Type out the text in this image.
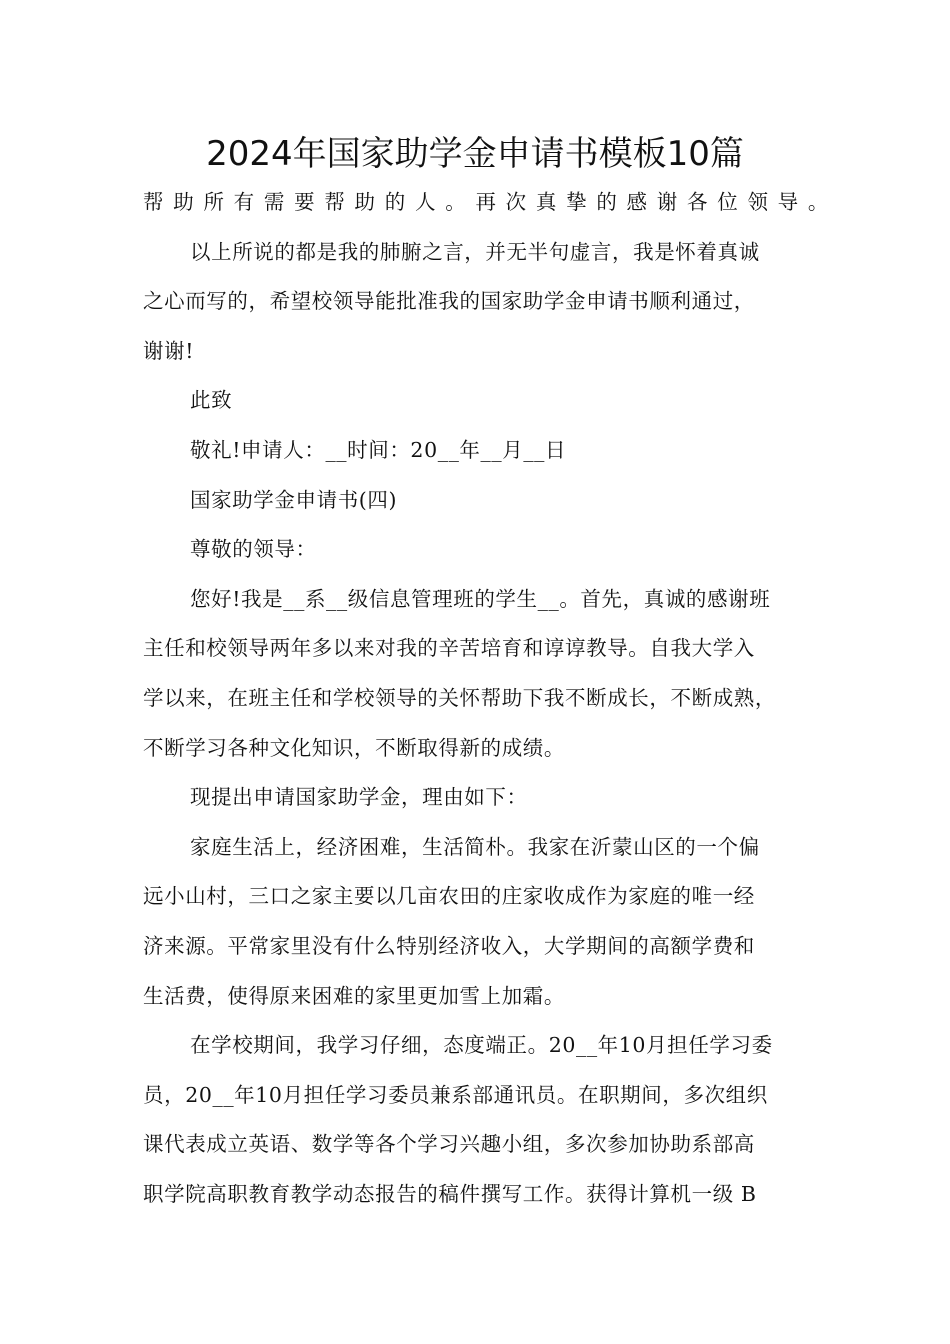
2024年国家助学金申请书模板10篇
帮助所有需要帮助的人。再次真挚的感谢各位领导。
以上所说的都是我的肺腑之言，并无半句虚言，我是怀着真诚
之心而写的，希望校领导能批准我的国家助学金申请书顺利通过，
谢谢!
此致
敬礼!申请人：__时间：20__年__月__日
国家助学金申请书(四)
尊敬的领导：
您好!我是__系__级信息管理班的学生__。首先，真诚的感谢班
主任和校领导两年多以来对我的辛苦培育和谆谆教导。自我大学入
学以来，在班主任和学校领导的关怀帮助下我不断成长，不断成熟，
不断学习各种文化知识，不断取得新的成绩。
现提出申请国家助学金，理由如下：
家庭生活上，经济困难，生活简朴。我家在沂蒙山区的一个偏
远小山村，三口之家主要以几亩农田的庄家收成作为家庭的唯一经
济来源。平常家里没有什么特别经济收入，大学期间的高额学费和
生活费，使得原来困难的家里更加雪上加霜。
在学校期间，我学习仔细，态度端正。20__年10月担任学习委
员，20__年10月担任学习委员兼系部通讯员。在职期间，多次组织
课代表成立英语、数学等各个学习兴趣小组，多次参加协助系部高
职学院高职教育教学动态报告的稿件撰写工作。获得计算机一级 B
